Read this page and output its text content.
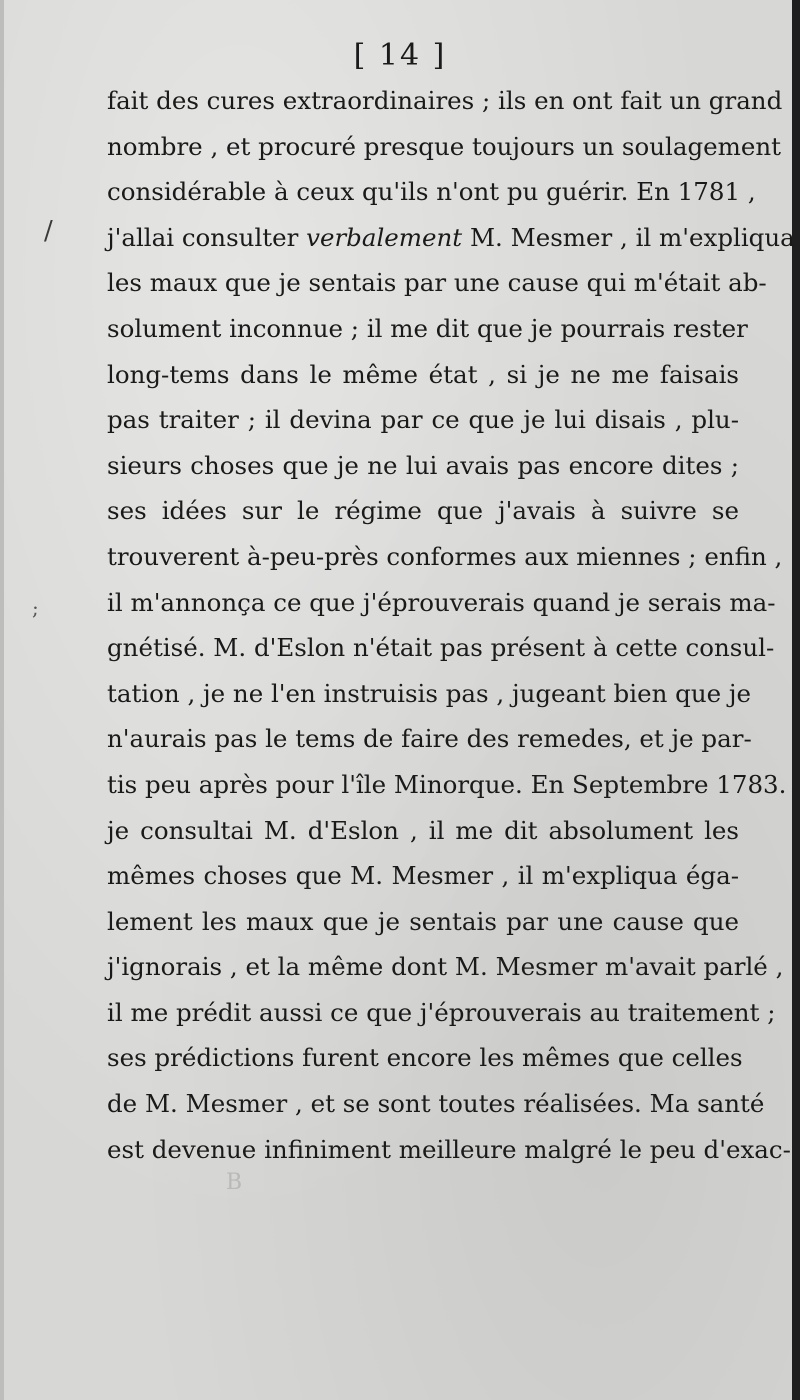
[ 14 ]
/
;
fait des cures extraordinaires ; ils en ont fait un grand
nombre , et procuré presque toujours un soulagement
considérable à ceux qu'ils n'ont pu guérir. En 1781 ,
j'allai consulter verbalement M. Mesmer , il m'expliqua
les maux que je sentais par une cause qui m'était ab-
solument inconnue ; il me dit que je pourrais rester
long-tems dans le même état , si je ne me faisais
pas traiter ; il devina par ce que je lui disais , plu-
sieurs choses que je ne lui avais pas encore dites ;
ses idées sur le régime que j'avais à suivre se
trouverent à-peu-près conformes aux miennes ; enfin ,
il m'annonça ce que j'éprouverais quand je serais ma-
gnétisé. M. d'Eslon n'était pas présent à cette consul-
tation , je ne l'en instruisis pas , jugeant bien que je
n'aurais pas le tems de faire des remedes, et je par-
tis peu après pour l'île Minorque. En Septembre 1783.
je consultai M. d'Eslon , il me dit absolument les
mêmes choses que M. Mesmer , il m'expliqua éga-
lement les maux que je sentais par une cause que
j'ignorais , et la même dont M. Mesmer m'avait parlé ,
il me prédit aussi ce que j'éprouverais au traitement ;
ses prédictions furent encore les mêmes que celles
de M. Mesmer , et se sont toutes réalisées. Ma santé
est devenue infiniment meilleure malgré le peu d'exac-
B
